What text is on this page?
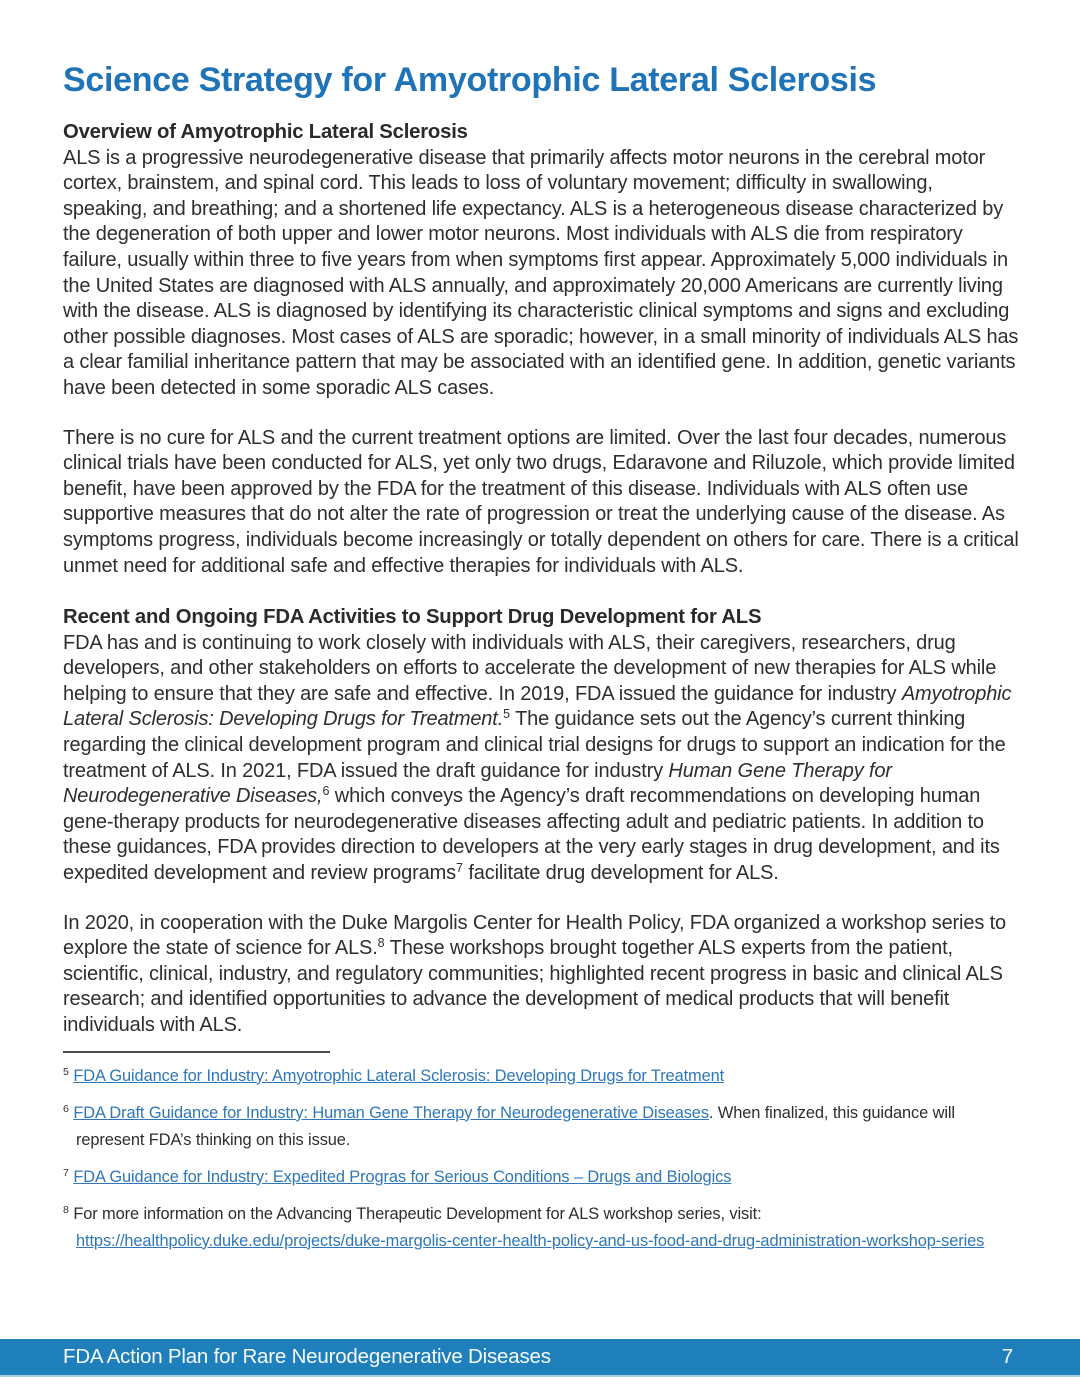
Science Strategy for Amyotrophic Lateral Sclerosis
Overview of Amyotrophic Lateral Sclerosis

ALS is a progressive neurodegenerative disease that primarily affects motor neurons in the cerebral motor cortex, brainstem, and spinal cord. This leads to loss of voluntary movement; difficulty in swallowing, speaking, and breathing; and a shortened life expectancy. ALS is a heterogeneous disease characterized by the degeneration of both upper and lower motor neurons. Most individuals with ALS die from respiratory failure, usually within three to five years from when symptoms first appear. Approximately 5,000 individuals in the United States are diagnosed with ALS annually, and approximately 20,000 Americans are currently living with the disease. ALS is diagnosed by identifying its characteristic clinical symptoms and signs and excluding other possible diagnoses. Most cases of ALS are sporadic; however, in a small minority of individuals ALS has a clear familial inheritance pattern that may be associated with an identified gene. In addition, genetic variants have been detected in some sporadic ALS cases.

There is no cure for ALS and the current treatment options are limited. Over the last four decades, numerous clinical trials have been conducted for ALS, yet only two drugs, Edaravone and Riluzole, which provide limited benefit, have been approved by the FDA for the treatment of this disease. Individuals with ALS often use supportive measures that do not alter the rate of progression or treat the underlying cause of the disease. As symptoms progress, individuals become increasingly or totally dependent on others for care. There is a critical unmet need for additional safe and effective therapies for individuals with ALS.

Recent and Ongoing FDA Activities to Support Drug Development for ALS

FDA has and is continuing to work closely with individuals with ALS, their caregivers, researchers, drug developers, and other stakeholders on efforts to accelerate the development of new therapies for ALS while helping to ensure that they are safe and effective. In 2019, FDA issued the guidance for industry Amyotrophic Lateral Sclerosis: Developing Drugs for Treatment.$^5$ The guidance sets out the Agency’s current thinking regarding the clinical development program and clinical trial designs for drugs to support an indication for the treatment of ALS. In 2021, FDA issued the draft guidance for industry Human Gene Therapy for Neurodegenerative Diseases,$^6$ which conveys the Agency’s draft recommendations on developing human gene-therapy products for neurodegenerative diseases affecting adult and pediatric patients. In addition to these guidances, FDA provides direction to developers at the very early stages in drug development, and its expedited development and review programs$^7$ facilitate drug development for ALS.

In 2020, in cooperation with the Duke Margolis Center for Health Policy, FDA organized a workshop series to explore the state of science for ALS.$^8$ These workshops brought together ALS experts from the patient, scientific, clinical, industry, and regulatory communities; highlighted recent progress in basic and clinical ALS research; and identified opportunities to advance the development of medical products that will benefit individuals with ALS.

$^5$ FDA Guidance for Industry: Amyotrophic Lateral Sclerosis: Developing Drugs for Treatment
$^6$ FDA Draft Guidance for Industry: Human Gene Therapy for Neurodegenerative Diseases. When finalized, this guidance will represent FDA’s thinking on this issue.
$^7$ FDA Guidance for Industry: Expedited Progras for Serious Conditions – Drugs and Biologics
$^8$ For more information on the Advancing Therapeutic Development for ALS workshop series, visit: https://healthpolicy.duke.edu/projects/duke-margolis-center-health-policy-and-us-food-and-drug-administration-workshop-series
FDA Action Plan for Rare Neurodegenerative Diseases	7
